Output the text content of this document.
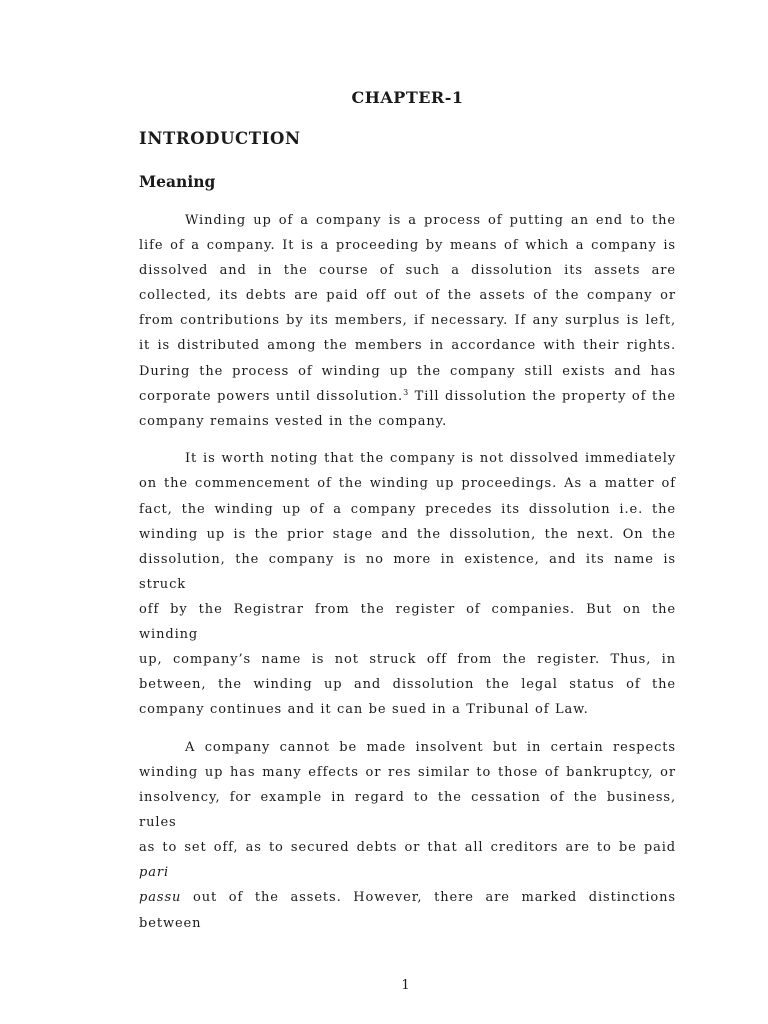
CHAPTER-1
INTRODUCTION
Meaning

Winding up of a company is a process of putting an end to the
life of a company. It is a proceeding by means of which a company is
dissolved and in the course of such a dissolution its assets are
collected, its debts are paid off out of the assets of the company or
from contributions by its members, if necessary. If any surplus is left,
it is distributed among the members in accordance with their rights.
During the process of winding up the company still exists and has
corporate powers until dissolution.$^3$ Till dissolution the property of the
company remains vested in the company.

It is worth noting that the company is not dissolved immediately
on the commencement of the winding up proceedings. As a matter of
fact, the winding up of a company precedes its dissolution i.e. the
winding up is the prior stage and the dissolution, the next. On the
dissolution, the company is no more in existence, and its name is struck
off by the Registrar from the register of companies. But on the winding
up, company’s name is not struck off from the register. Thus, in
between, the winding up and dissolution the legal status of the
company continues and it can be sued in a Tribunal of Law.

A company cannot be made insolvent but in certain respects
winding up has many effects or res similar to those of bankruptcy, or
insolvency, for example in regard to the cessation of the business, rules
as to set off, as to secured debts or that all creditors are to be paid pari
passu out of the assets. However, there are marked distinctions between

1
